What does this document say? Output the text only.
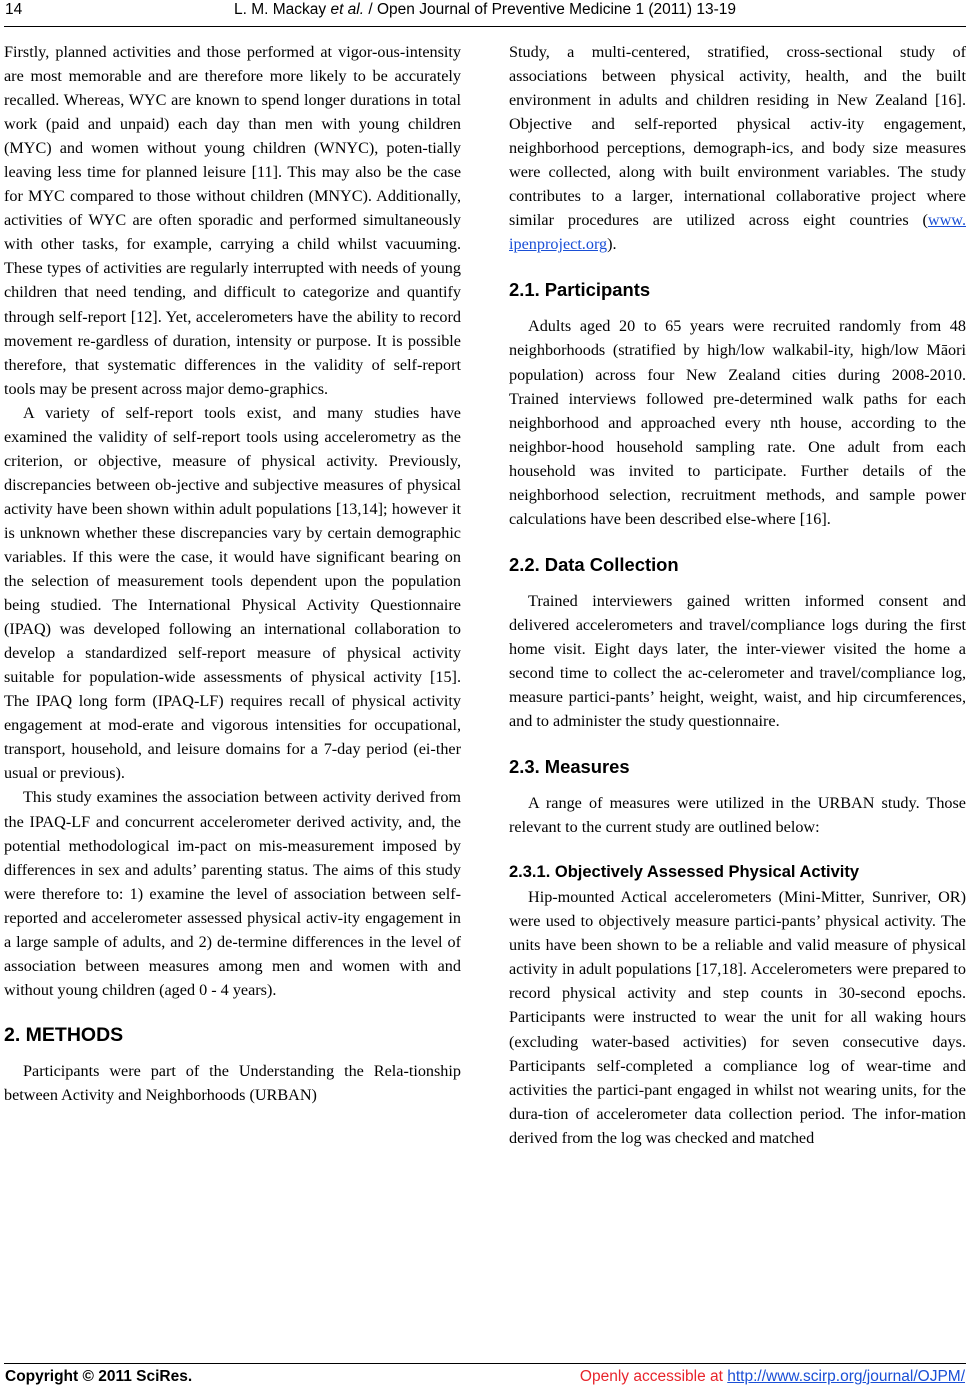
14	L. M. Mackay et al. / Open Journal of Preventive Medicine 1 (2011) 13-19

Firstly, planned activities and those performed at vigor-ous-intensity are most memorable and are therefore more likely to be accurately recalled. Whereas, WYC are known to spend longer durations in total work (paid and unpaid) each day than men with young children (MYC) and women without young children (WNYC), poten-tially leaving less time for planned leisure [11]. This may also be the case for MYC compared to those without children (MNYC). Additionally, activities of WYC are often sporadic and performed simultaneously with other tasks, for example, carrying a child whilst vacuuming. These types of activities are regularly interrupted with needs of young children that need tending, and difficult to categorize and quantify through self-report [12]. Yet, accelerometers have the ability to record movement re-gardless of duration, intensity or purpose. It is possible therefore, that systematic differences in the validity of self-report tools may be present across major demo-graphics.

A variety of self-report tools exist, and many studies have examined the validity of self-report tools using accelerometry as the criterion, or objective, measure of physical activity. Previously, discrepancies between ob-jective and subjective measures of physical activity have been shown within adult populations [13,14]; however it is unknown whether these discrepancies vary by certain demographic variables. If this were the case, it would have significant bearing on the selection of measurement tools dependent upon the population being studied. The International Physical Activity Questionnaire (IPAQ) was developed following an international collaboration to develop a standardized self-report measure of physical activity suitable for population-wide assessments of physical activity [15]. The IPAQ long form (IPAQ-LF) requires recall of physical activity engagement at mod-erate and vigorous intensities for occupational, transport, household, and leisure domains for a 7-day period (ei-ther usual or previous).

This study examines the association between activity derived from the IPAQ-LF and concurrent accelerometer derived activity, and, the potential methodological im-pact on mis-measurement imposed by differences in sex and adults’ parenting status. The aims of this study were therefore to: 1) examine the level of association between self-reported and accelerometer assessed physical activ-ity engagement in a large sample of adults, and 2) de-termine differences in the level of association between measures among men and women with and without young children (aged 0 - 4 years).

2. METHODS

Participants were part of the Understanding the Rela-tionship between Activity and Neighborhoods (URBAN)

Study, a multi-centered, stratified, cross-sectional study of associations between physical activity, health, and the built environment in adults and children residing in New Zealand [16]. Objective and self-reported physical activ-ity engagement, neighborhood perceptions, demograph-ics, and body size measures were collected, along with built environment variables. The study contributes to a larger, international collaborative project where similar procedures are utilized across eight countries (www. ipenproject.org).

2.1. Participants

Adults aged 20 to 65 years were recruited randomly from 48 neighborhoods (stratified by high/low walkabil-ity, high/low Māori population) across four New Zealand cities during 2008-2010. Trained interviews followed pre-determined walk paths for each neighborhood and approached every nth house, according to the neighbor-hood household sampling rate. One adult from each household was invited to participate. Further details of the neighborhood selection, recruitment methods, and sample power calculations have been described else-where [16].

2.2. Data Collection

Trained interviewers gained written informed consent and delivered accelerometers and travel/compliance logs during the first home visit. Eight days later, the inter-viewer visited the home a second time to collect the ac-celerometer and travel/compliance log, measure partici-pants’ height, weight, waist, and hip circumferences, and to administer the study questionnaire.

2.3. Measures

A range of measures were utilized in the URBAN study. Those relevant to the current study are outlined below:

2.3.1. Objectively Assessed Physical Activity

Hip-mounted Actical accelerometers (Mini-Mitter, Sunriver, OR) were used to objectively measure partici-pants’ physical activity. The units have been shown to be a reliable and valid measure of physical activity in adult populations [17,18]. Accelerometers were prepared to record physical activity and step counts in 30-second epochs. Participants were instructed to wear the unit for all waking hours (excluding water-based activities) for seven consecutive days. Participants self-completed a compliance log of wear-time and activities the partici-pant engaged in whilst not wearing units, for the dura-tion of accelerometer data collection period. The infor-mation derived from the log was checked and matched

Copyright © 2011 SciRes.	Openly accessible at http://www.scirp.org/journal/OJPM/
